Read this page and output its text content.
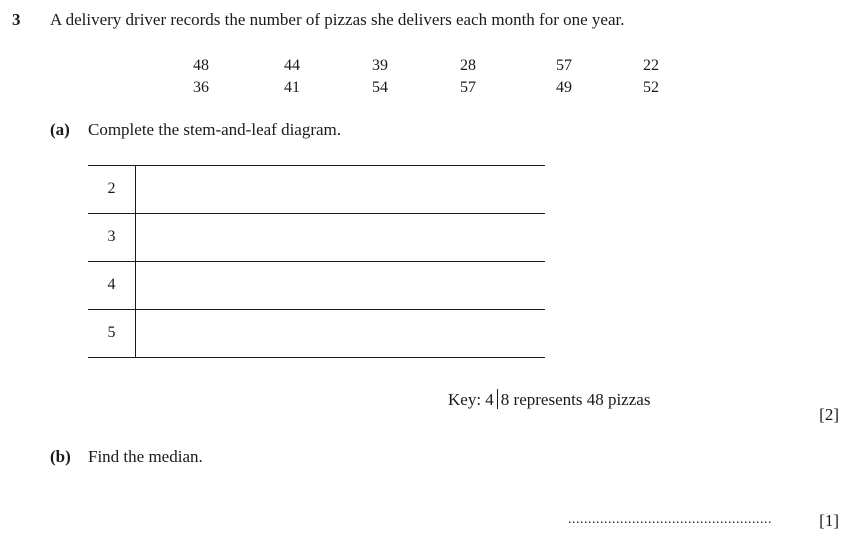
3 A delivery driver records the number of pizzas she delivers each month for one year.
48	44	39	28	57	22
36	41	54	57	49	52
(a) Complete the stem-and-leaf diagram.
2
3
4
5
Key: 4 8 represents 48 pizzas
[2]
(b) Find the median.
...................................................	[1]
